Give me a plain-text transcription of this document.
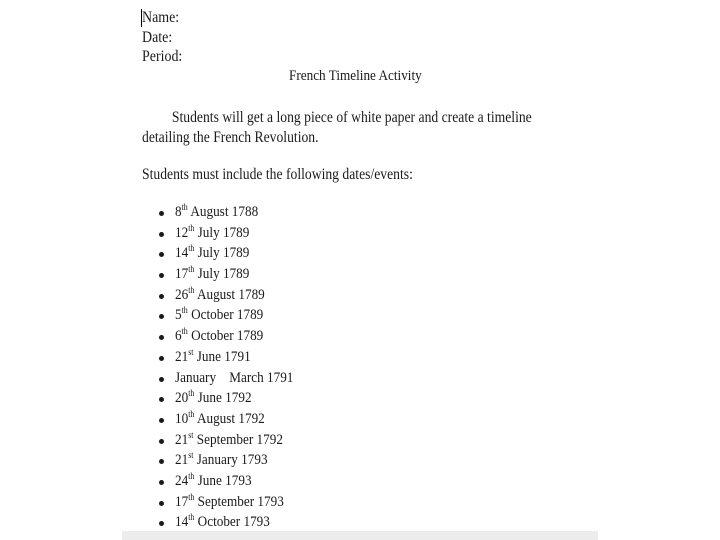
Name:
Date:
Period:
French Timeline Activity
Students will get a long piece of white paper and create a timeline detailing the French Revolution.
Students must include the following dates/events:
8th August 1788
12th July 1789
14th July 1789
17th July 1789
26th August 1789
5th October 1789
6th October 1789
21st June 1791
January    March 1791
20th June 1792
10th August 1792
21st September 1792
21st January 1793
24th June 1793
17th September 1793
14th October 1793
